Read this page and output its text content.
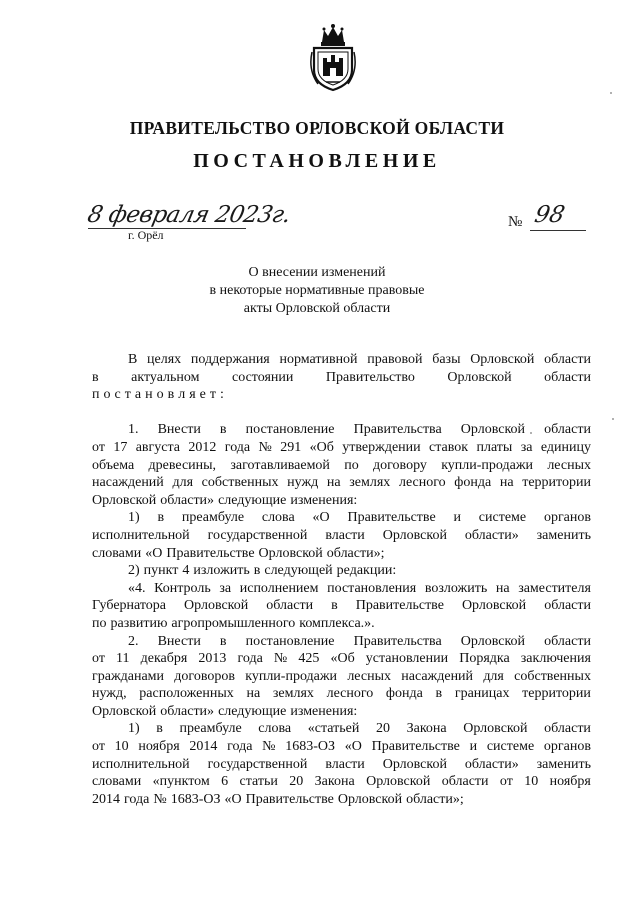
ПРАВИТЕЛЬСТВО ОРЛОВСКОЙ ОБЛАСТИ
ПОСТАНОВЛЕНИЕ
8 февраля 2023г.
г. Орёл
№ 98
О внесении изменений
в некоторые нормативные правовые
акты Орловской области
В целях поддержания нормативной правовой базы Орловской области
в актуальном состоянии Правительство Орловской области
п о с т а н о в л я е т :
1. Внести в постановление Правительства Орловской области
от 17 августа 2012 года № 291 «Об утверждении ставок платы за единицу
объема древесины, заготавливаемой по договору купли-продажи лесных
насаждений для собственных нужд на землях лесного фонда на территории
Орловской области» следующие изменения:
1) в преамбуле слова «О Правительстве и системе органов
исполнительной государственной власти Орловской области» заменить
словами «О Правительстве Орловской области»;
2) пункт 4 изложить в следующей редакции:
«4. Контроль за исполнением постановления возложить на заместителя
Губернатора Орловской области в Правительстве Орловской области
по развитию агропромышленного комплекса.».
2. Внести в постановление Правительства Орловской области
от 11 декабря 2013 года № 425 «Об установлении Порядка заключения
гражданами договоров купли-продажи лесных насаждений для собственных
нужд, расположенных на землях лесного фонда в границах территории
Орловской области» следующие изменения:
1) в преамбуле слова «статьей 20 Закона Орловской области
от 10 ноября 2014 года № 1683-ОЗ «О Правительстве и системе органов
исполнительной государственной власти Орловской области» заменить
словами «пунктом 6 статьи 20 Закона Орловской области от 10 ноября
2014 года № 1683-ОЗ «О Правительстве Орловской области»;
